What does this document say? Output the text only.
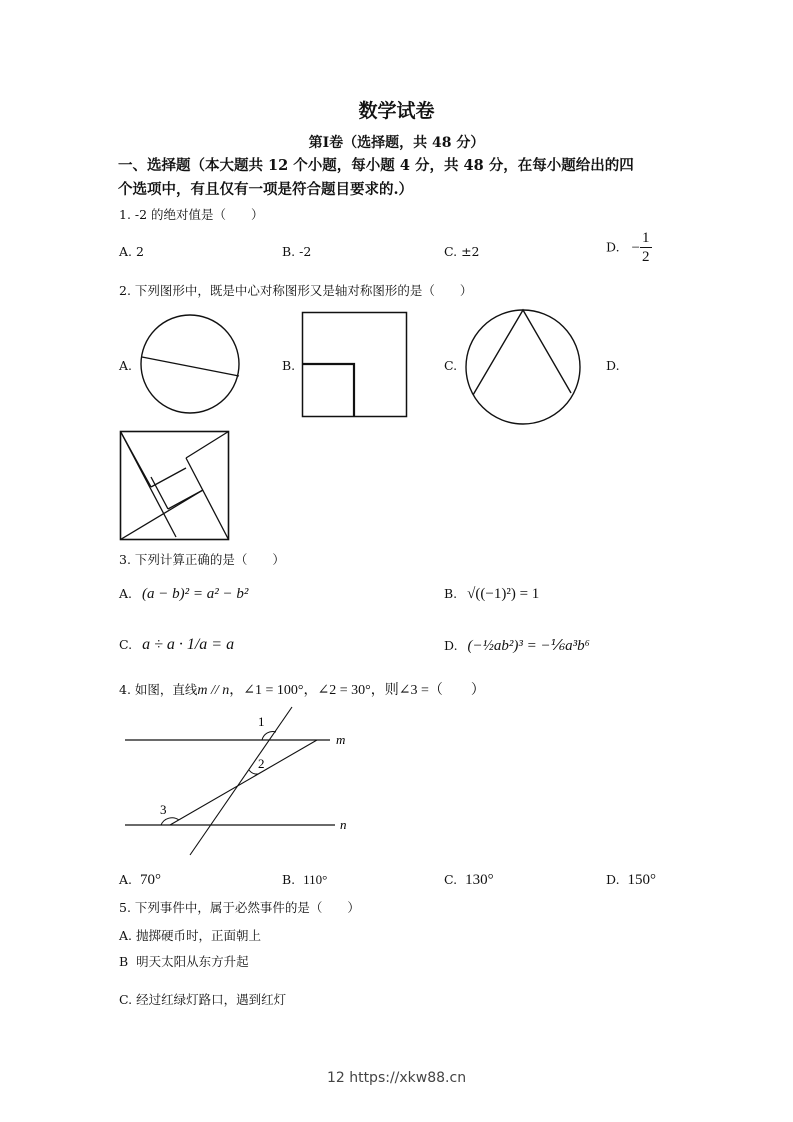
数学试卷
第Ⅰ卷（选择题，共 48 分）
一、选择题（本大题共 12 个小题，每小题 4 分，共 48 分，在每小题给出的四
个选项中，有且仅有一项是符合题目要求的.）
1. -2 的绝对值是（　　）
A. 2	B. -2	C. ±2	D. − $\frac{1}{2}$
2. 下列图形中，既是中心对称图形又是轴对称图形的是（　　）
A.	B.	C.	D.
3. 下列计算正确的是（　　）
A. (a − b)² = a² − b²	B. √((−1)²) = 1
C. a ÷ a · 1/a = a	D. (−½ab²)³ = −⅙a³b⁶
4. 如图，直线m // n，∠1 = 100°，∠2 = 30°，则∠3 =（　　）
1
2
3
m
n
A. 70°	B. 110°	C. 130°	D. 150°
5. 下列事件中，属于必然事件的是（　　）
A. 抛掷硬币时，正面朝上
B 明天太阳从东方升起
C. 经过红绿灯路口，遇到红灯
12 https://xkw88.cn
